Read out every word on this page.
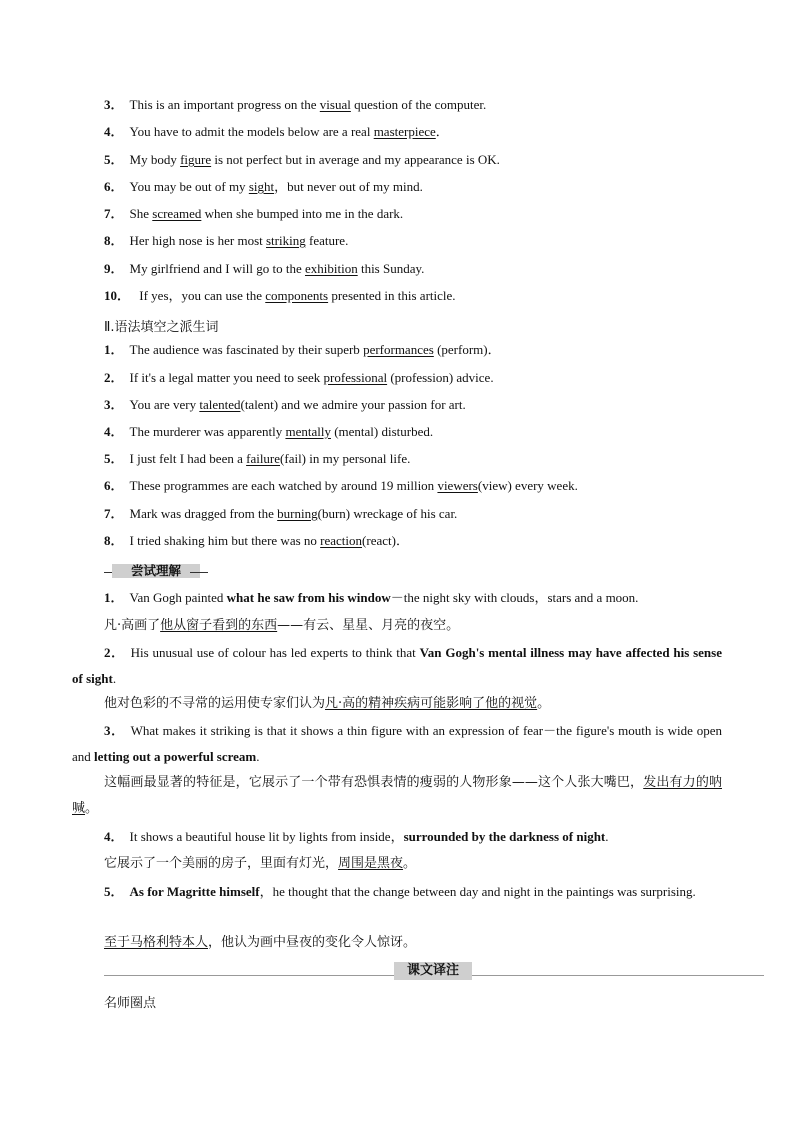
3． This is an important progress on the visual question of the computer.
4． You have to admit the models below are a real masterpiece．
5． My body figure is not perfect but in average and my appearance is OK.
6． You may be out of my sight，but never out of my mind.
7． She screamed when she bumped into me in the dark.
8． Her high nose is her most striking feature.
9． My girlfriend and I will go to the exhibition this Sunday.
10． If yes，you can use the components presented in this article.
Ⅱ.语法填空之派生词
1． The audience was fascinated by their superb performances (perform)．
2． If it's a legal matter you need to seek professional (profession) advice.
3． You are very talented(talent) and we admire your passion for art.
4． The murderer was apparently mentally (mental) disturbed.
5． I just felt I had been a failure(fail) in my personal life.
6． These programmes are each watched by around 19 million viewers(view) every week.
7． Mark was dragged from the burning(burn) wreckage of his car.
8． I tried shaking him but there was no reaction(react)．
尝试理解
1． Van Gogh painted what he saw from his window－the night sky with clouds，stars and a moon.
凡·高画了他从窗子看到的东西——有云、星星、月亮的夜空。
2． His unusual use of colour has led experts to think that Van Gogh's mental illness may have affected his sense of sight.
他对色彩的不寻常的运用使专家们认为凡·高的精神疾病可能影响了他的视觉。
3． What makes it striking is that it shows a thin figure with an expression of fear－the figure's mouth is wide open and letting out a powerful scream.
这幅画最显著的特征是，它展示了一个带有恐惧表情的瘦弱的人物形象——这个人张大嘴巴，发出有力的呐喊。
4． It shows a beautiful house lit by lights from inside，surrounded by the darkness of night.
它展示了一个美丽的房子，里面有灯光，周围是黑夜。
5． As for Magritte himself，he thought that the change between day and night in the paintings was surprising.
至于马格利特本人，他认为画中昼夜的变化令人惊讶。
课文译注
名师圈点
